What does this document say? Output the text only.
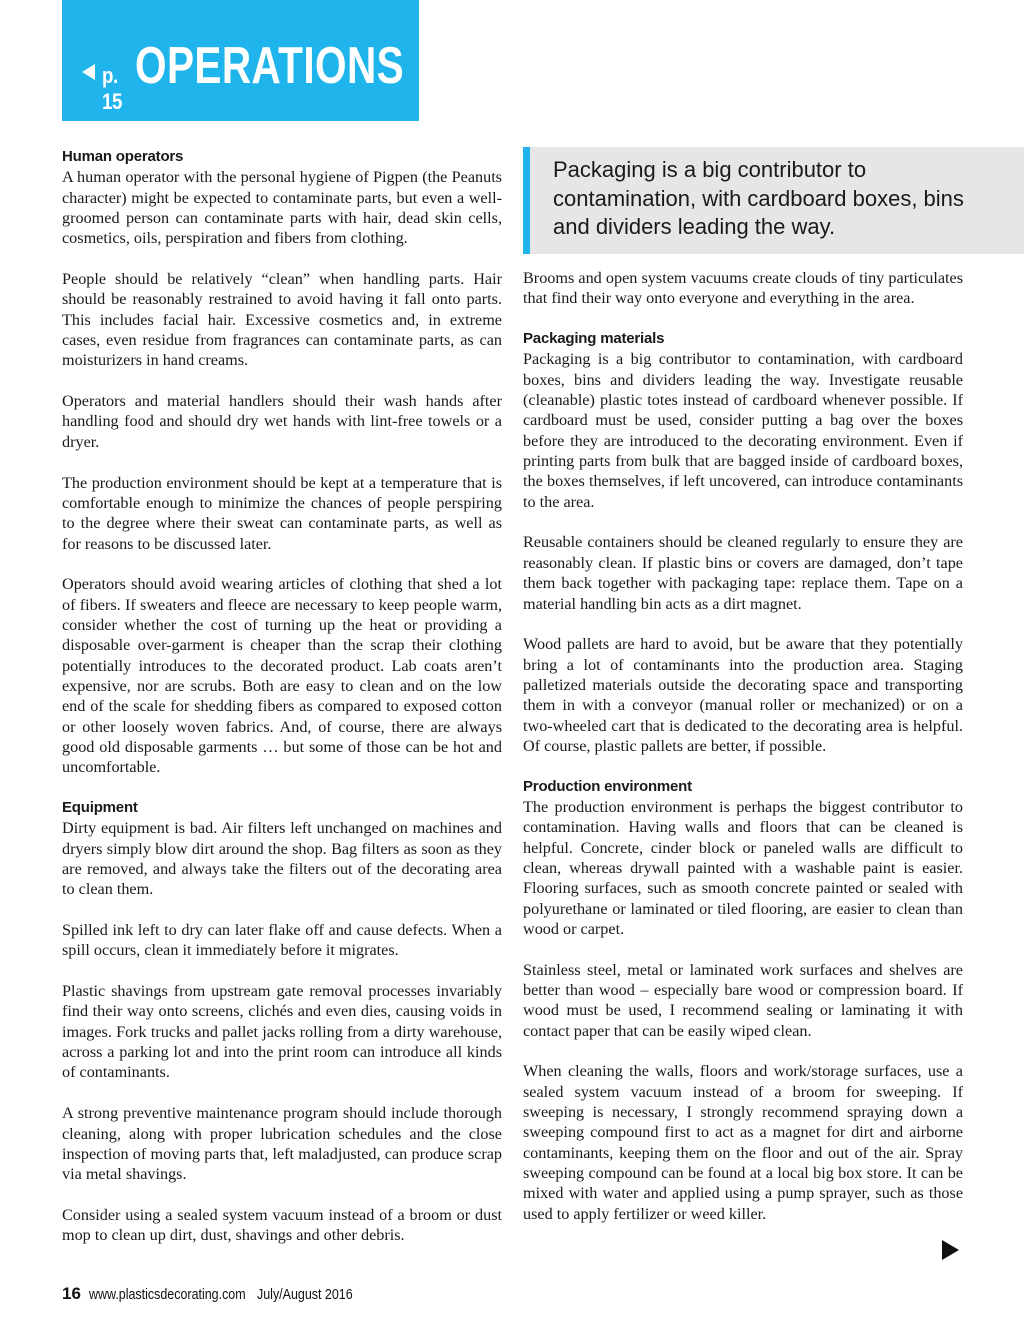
p. 15
OPERATIONS
Human operators

A human operator with the personal hygiene of Pigpen (the Peanuts character) might be expected to contaminate parts, but even a well-groomed person can contaminate parts with hair, dead skin cells, cosmetics, oils, perspiration and fibers from clothing.

People should be relatively “clean” when handling parts. Hair should be reasonably restrained to avoid having it fall onto parts. This includes facial hair. Excessive cosmetics and, in extreme cases, even residue from fragrances can contaminate parts, as can moisturizers in hand creams.

Operators and material handlers should their wash hands after handling food and should dry wet hands with lint-free towels or a dryer.

The production environment should be kept at a temperature that is comfortable enough to minimize the chances of people perspiring to the degree where their sweat can contaminate parts, as well as for reasons to be discussed later.

Operators should avoid wearing articles of clothing that shed a lot of fibers. If sweaters and fleece are necessary to keep people warm, consider whether the cost of turning up the heat or providing a disposable over-garment is cheaper than the scrap their clothing potentially introduces to the decorated product. Lab coats aren’t expensive, nor are scrubs. Both are easy to clean and on the low end of the scale for shedding fibers as compared to exposed cotton or other loosely woven fabrics. And, of course, there are always good old disposable garments … but some of those can be hot and uncomfortable.

Equipment

Dirty equipment is bad. Air filters left unchanged on machines and dryers simply blow dirt around the shop. Bag filters as soon as they are removed, and always take the filters out of the decorating area to clean them.

Spilled ink left to dry can later flake off and cause defects. When a spill occurs, clean it immediately before it migrates.

Plastic shavings from upstream gate removal processes invariably find their way onto screens, clichés and even dies, causing voids in images. Fork trucks and pallet jacks rolling from a dirty warehouse, across a parking lot and into the print room can introduce all kinds of contaminants.

A strong preventive maintenance program should include thorough cleaning, along with proper lubrication schedules and the close inspection of moving parts that, left maladjusted, can produce scrap via metal shavings.

Consider using a sealed system vacuum instead of a broom or dust mop to clean up dirt, dust, shavings and other debris.

Packaging is a big contributor to contamination, with cardboard boxes, bins and dividers leading the way.

Brooms and open system vacuums create clouds of tiny particulates that find their way onto everyone and everything in the area.

Packaging materials

Packaging is a big contributor to contamination, with cardboard boxes, bins and dividers leading the way. Investigate reusable (cleanable) plastic totes instead of cardboard whenever possible. If cardboard must be used, consider putting a bag over the boxes before they are introduced to the decorating environment. Even if printing parts from bulk that are bagged inside of cardboard boxes, the boxes themselves, if left uncovered, can introduce contaminants to the area.

Reusable containers should be cleaned regularly to ensure they are reasonably clean. If plastic bins or covers are damaged, don’t tape them back together with packaging tape: replace them. Tape on a material handling bin acts as a dirt magnet.

Wood pallets are hard to avoid, but be aware that they potentially bring a lot of contaminants into the production area. Staging palletized materials outside the decorating space and transporting them in with a conveyor (manual roller or mechanized) or on a two-wheeled cart that is dedicated to the decorating area is helpful. Of course, plastic pallets are better, if possible.

Production environment

The production environment is perhaps the biggest contributor to contamination. Having walls and floors that can be cleaned is helpful. Concrete, cinder block or paneled walls are difficult to clean, whereas drywall painted with a washable paint is easier. Flooring surfaces, such as smooth concrete painted or sealed with polyurethane or laminated or tiled flooring, are easier to clean than wood or carpet.

Stainless steel, metal or laminated work surfaces and shelves are better than wood – especially bare wood or compression board. If wood must be used, I recommend sealing or laminating it with contact paper that can be easily wiped clean.

When cleaning the walls, floors and work/storage surfaces, use a sealed system vacuum instead of a broom for sweeping. If sweeping is necessary, I strongly recommend spraying down a sweeping compound first to act as a magnet for dirt and airborne contaminants, keeping them on the floor and out of the air. Spray sweeping compound can be found at a local big box store. It can be mixed with water and applied using a pump sprayer, such as those used to apply fertilizer or weed killer.

16 www.plasticsdecorating.com July/August 2016
